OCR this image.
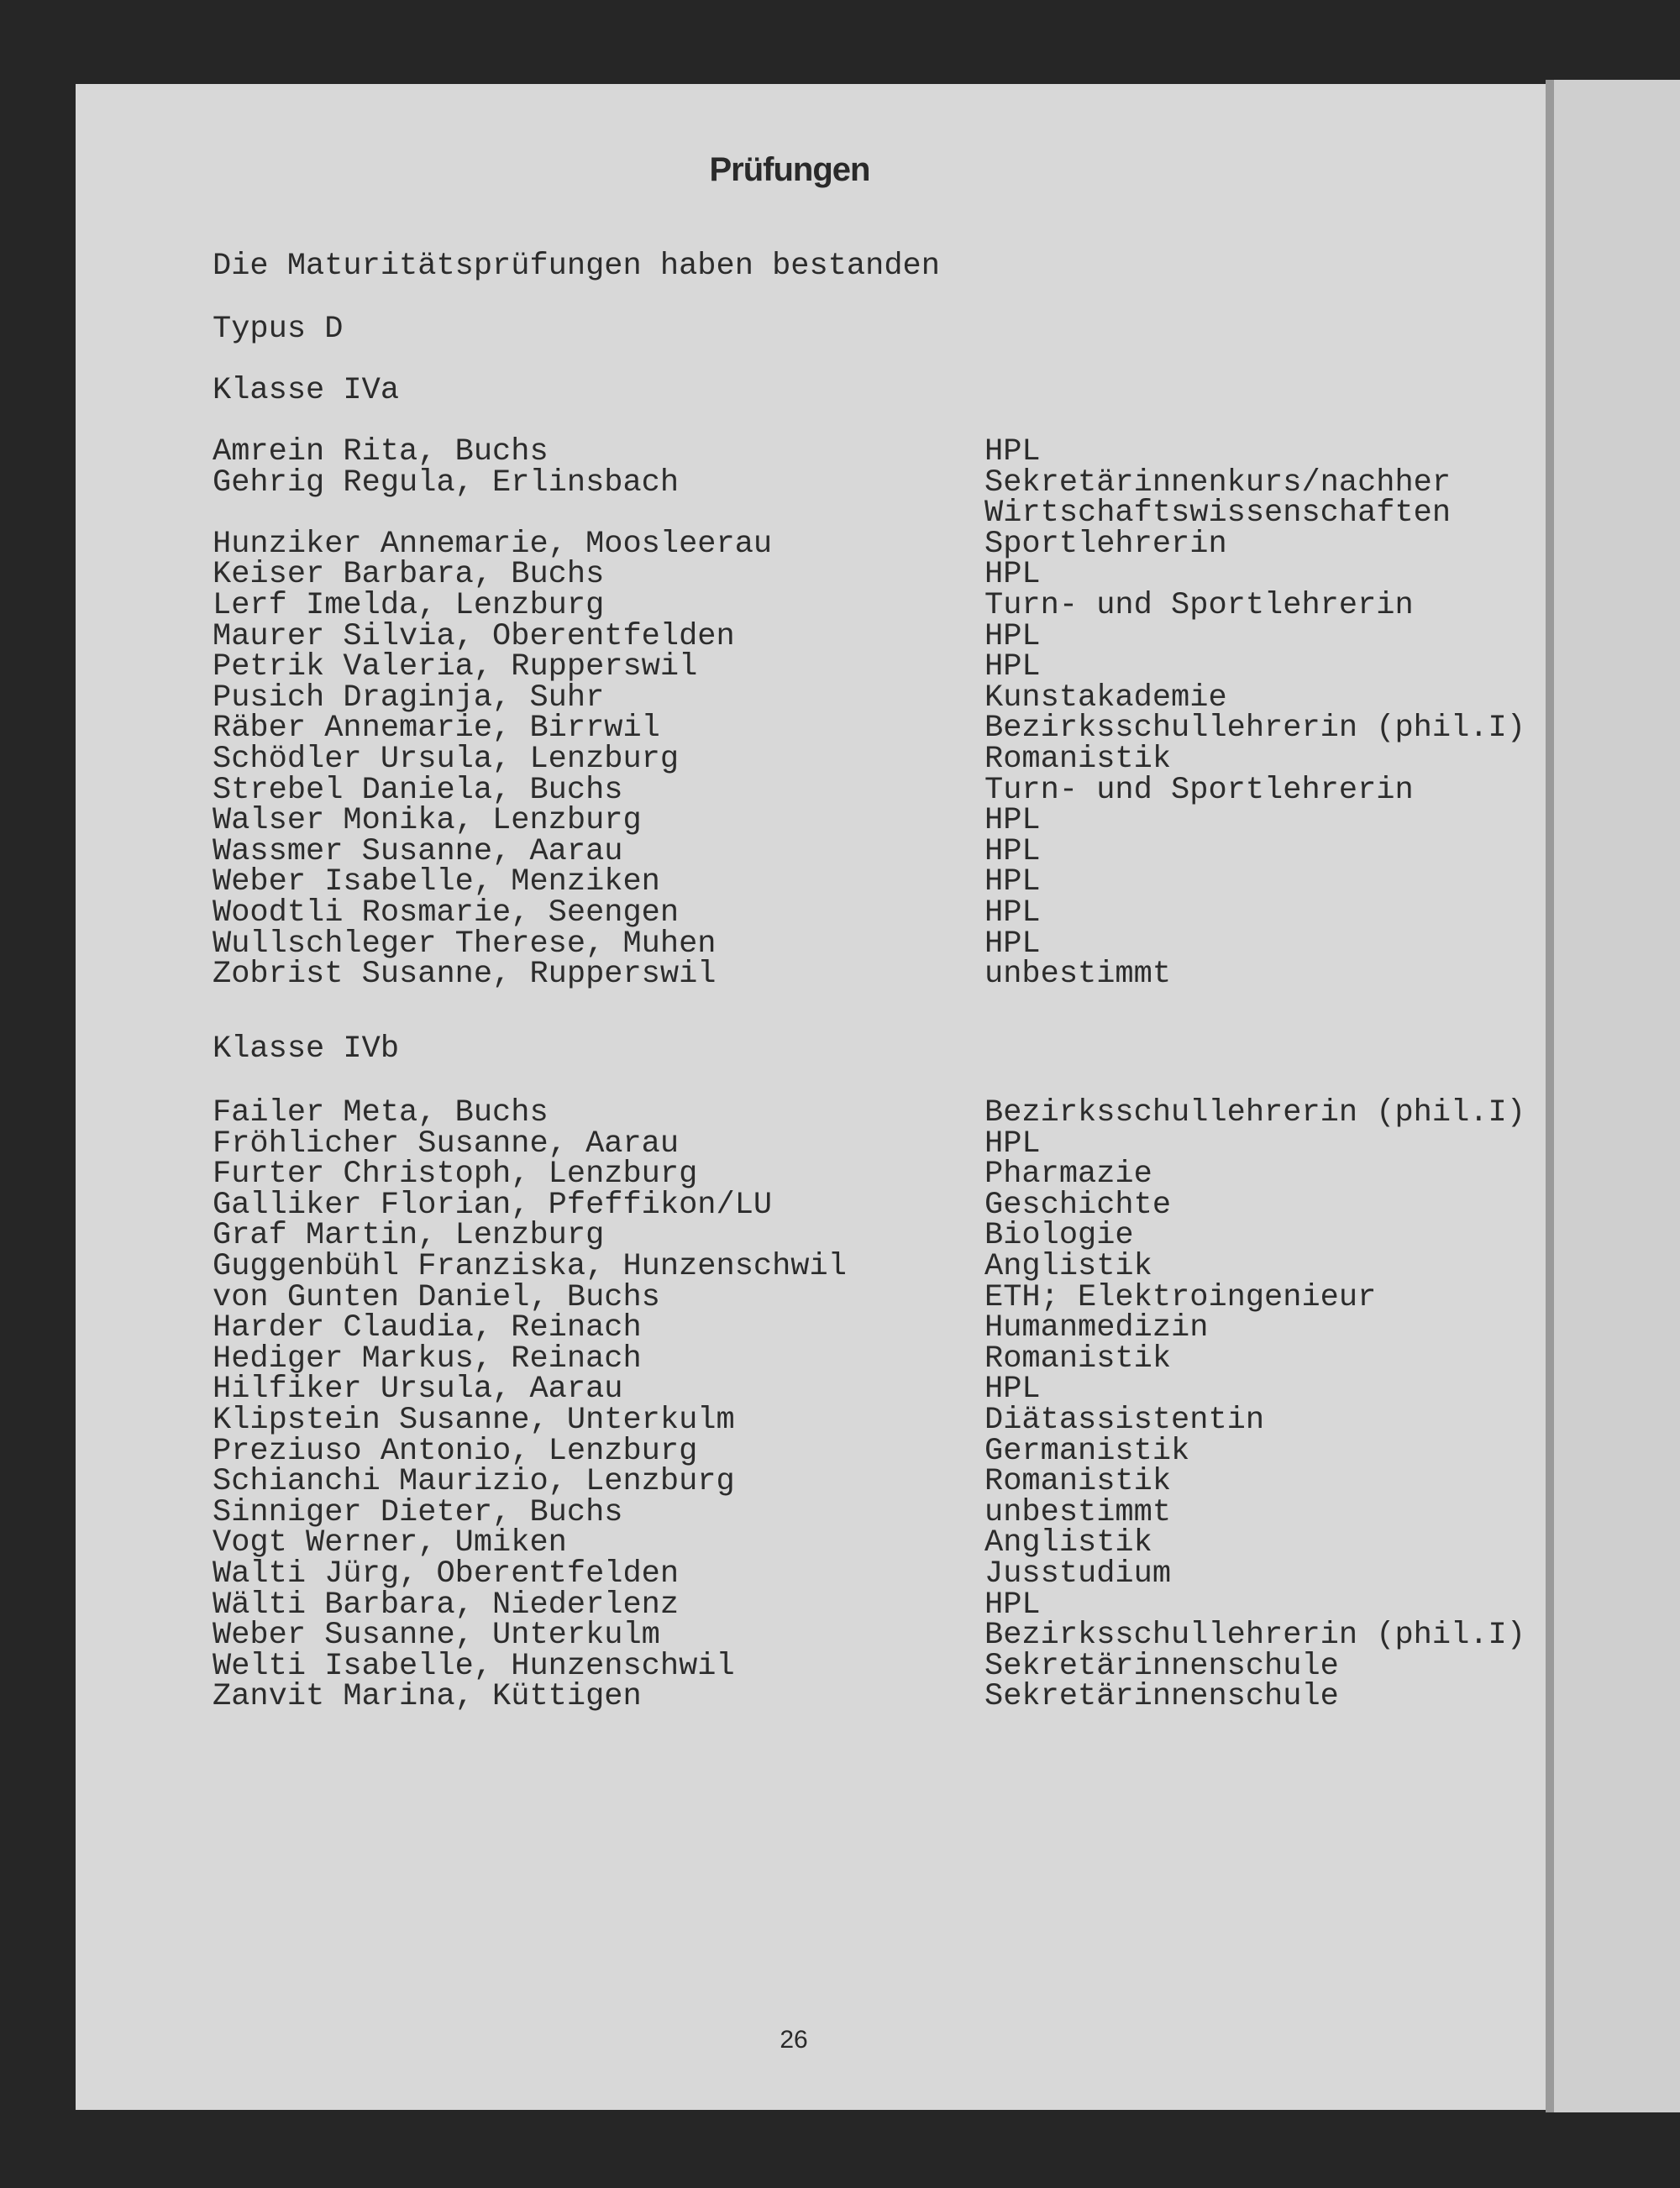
Prüfungen
Die Maturitätsprüfungen haben bestanden
Typus D
Klasse IVa
Amrein Rita, Buchs	HPL
Gehrig Regula, Erlinsbach	Sekretärinnenkurs/nachher
Wirtschaftswissenschaften
Hunziker Annemarie, Moosleerau	Sportlehrerin
Keiser Barbara, Buchs	HPL
Lerf Imelda, Lenzburg	Turn- und Sportlehrerin
Maurer Silvia, Oberentfelden	HPL
Petrik Valeria, Rupperswil	HPL
Pusich Draginja, Suhr	Kunstakademie
Räber Annemarie, Birrwil	Bezirksschullehrerin (phil.I)
Schödler Ursula, Lenzburg	Romanistik
Strebel Daniela, Buchs	Turn- und Sportlehrerin
Walser Monika, Lenzburg	HPL
Wassmer Susanne, Aarau	HPL
Weber Isabelle, Menziken	HPL
Woodtli Rosmarie, Seengen	HPL
Wullschleger Therese, Muhen	HPL
Zobrist Susanne, Rupperswil	unbestimmt
Klasse IVb
Failer Meta, Buchs	Bezirksschullehrerin (phil.I)
Fröhlicher Susanne, Aarau	HPL
Furter Christoph, Lenzburg	Pharmazie
Galliker Florian, Pfeffikon/LU	Geschichte
Graf Martin, Lenzburg	Biologie
Guggenbühl Franziska, Hunzenschwil	Anglistik
von Gunten Daniel, Buchs	ETH; Elektroingenieur
Harder Claudia, Reinach	Humanmedizin
Hediger Markus, Reinach	Romanistik
Hilfiker Ursula, Aarau	HPL
Klipstein Susanne, Unterkulm	Diätassistentin
Preziuso Antonio, Lenzburg	Germanistik
Schianchi Maurizio, Lenzburg	Romanistik
Sinniger Dieter, Buchs	unbestimmt
Vogt Werner, Umiken	Anglistik
Walti Jürg, Oberentfelden	Jusstudium
Wälti Barbara, Niederlenz	HPL
Weber Susanne, Unterkulm	Bezirksschullehrerin (phil.I)
Welti Isabelle, Hunzenschwil	Sekretärinnenschule
Zanvit Marina, Küttigen	Sekretärinnenschule
26
